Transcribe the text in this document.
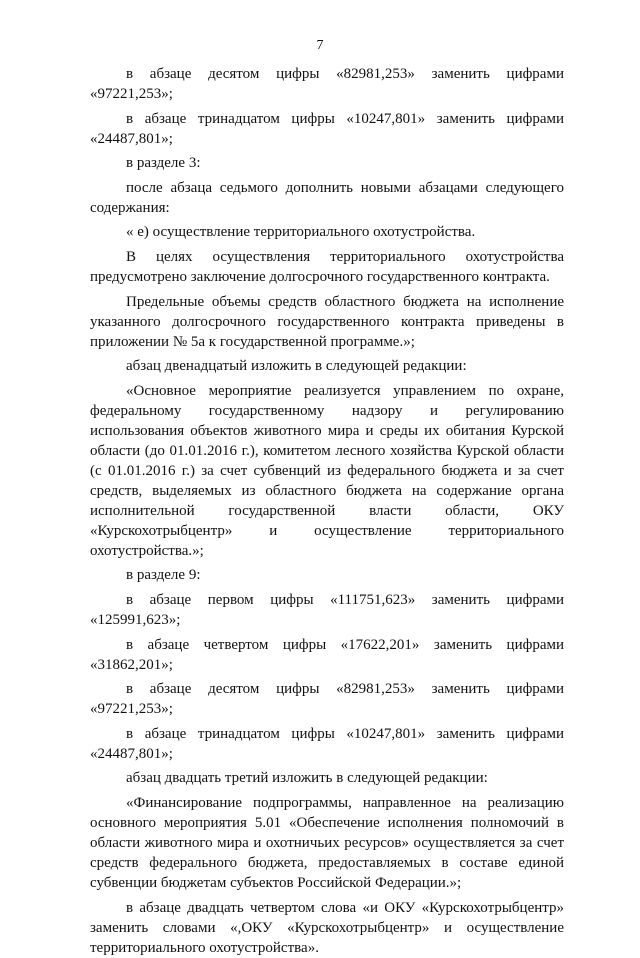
7

в абзаце десятом цифры «82981,253» заменить цифрами «97221,253»;

в абзаце тринадцатом цифры «10247,801» заменить цифрами «24487,801»;

в разделе 3:

после абзаца седьмого дополнить новыми абзацами следующего содержания:

« е) осуществление территориального охотустройства.

В целях осуществления территориального охотустройства предусмотрено заключение долгосрочного государственного контракта.

Предельные объемы средств областного бюджета на исполнение указанного долгосрочного государственного контракта приведены в приложении № 5а к государственной программе.»;

абзац двенадцатый изложить в следующей редакции:

«Основное мероприятие реализуется управлением по охране, федеральному государственному надзору и регулированию использования объектов животного мира и среды их обитания Курской области (до 01.01.2016 г.), комитетом лесного хозяйства Курской области (с 01.01.2016 г.) за счет субвенций из федерального бюджета и за счет средств, выделяемых из областного бюджета на содержание органа исполнительной государственной власти области, ОКУ «Курскохотрыбцентр» и осуществление территориального охотустройства.»;

в разделе 9:

в абзаце первом цифры «111751,623» заменить цифрами «125991,623»;

в абзаце четвертом цифры «17622,201» заменить цифрами «31862,201»;

в абзаце десятом цифры «82981,253» заменить цифрами «97221,253»;

в абзаце тринадцатом цифры «10247,801» заменить цифрами «24487,801»;

абзац двадцать третий изложить в следующей редакции:

«Финансирование подпрограммы, направленное на реализацию основного мероприятия 5.01 «Обеспечение исполнения полномочий в области животного мира и охотничьих ресурсов» осуществляется за счет средств федерального бюджета, предоставляемых в составе единой субвенции бюджетам субъектов Российской Федерации.»;

в абзаце двадцать четвертом слова «и ОКУ «Курскохотрыбцентр» заменить словами «,ОКУ «Курскохотрыбцентр» и осуществление территориального охотустройства».
